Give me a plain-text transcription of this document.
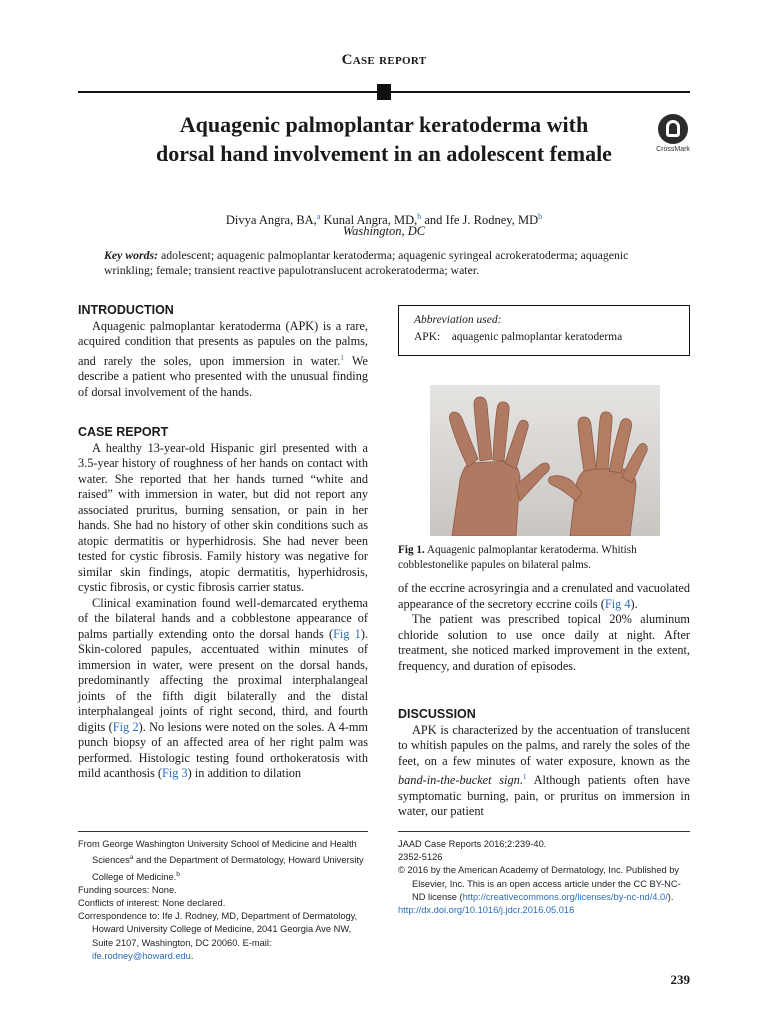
Case report
Aquagenic palmoplantar keratoderma with dorsal hand involvement in an adolescent female	CrossMark
Divya Angra, BA,$^a$ Kunal Angra, MD,$^b$ and Ife J. Rodney, $MD^b$
Washington, DC
Key words: adolescent; aquagenic palmoplantar keratoderma; aquagenic syringeal acrokeratoderma; aquagenic wrinkling; female; transient reactive papulotranslucent acrokeratoderma; water.
INTRODUCTION

Aquagenic palmoplantar keratoderma (APK) is a rare, acquired condition that presents as papules on the palms, and rarely the soles, upon immersion in water.$^1$ We describe a patient who presented with the unusual finding of dorsal involvement of the hands.

CASE REPORT

A healthy 13-year-old Hispanic girl presented with a 3.5-year history of roughness of her hands on contact with water. She reported that her hands turned “white and raised” with immersion in water, but did not report any associated pruritus, burning sensation, or pain in her hands. She had no history of other skin conditions such as atopic dermatitis or hyperhidrosis. She had never been tested for cystic fibrosis. Family history was negative for similar skin findings, atopic dermatitis, hyperhidrosis, cystic fibrosis, or cystic fibrosis carrier status.

Clinical examination found well-demarcated erythema of the bilateral hands and a cobblestone appearance of palms partially extending onto the dorsal hands (Fig 1). Skin-colored papules, accentuated within minutes of immersion in water, were present on the dorsal hands, predominantly affecting the proximal interphalangeal joints of the fifth digit bilaterally and the distal interphalangeal joints of right second, third, and fourth digits (Fig 2). No lesions were noted on the soles. A 4-mm punch biopsy of an affected area of her right palm was performed. Histologic testing found orthokeratosis with mild acanthosis (Fig 3) in addition to dilation

Abbreviation used:
APK: aquagenic palmoplantar keratoderma
Fig 1. Aquagenic palmoplantar keratoderma. Whitish cobblestonelike papules on bilateral palms.

of the eccrine acrosyringia and a crenulated and vacuolated appearance of the secretory eccrine coils (Fig 4).

The patient was prescribed topical 20% aluminum chloride solution to use once daily at night. After treatment, she noticed marked improvement in the extent, frequency, and duration of episodes.

DISCUSSION

APK is characterized by the accentuation of translucent to whitish papules on the palms, and rarely the soles of the feet, on a few minutes of water exposure, known as the band-in-the-bucket sign.$^1$ Although patients often have symptomatic burning, pain, or pruritus on immersion in water, our patient

From George Washington University School of Medicine and Health Sciences$^a$ and the Department of Dermatology, Howard University College of Medicine.$^b$
Funding sources: None.
Conflicts of interest: None declared.
Correspondence to: Ife J. Rodney, MD, Department of Dermatology, Howard University College of Medicine, 2041 Georgia Ave NW, Suite 2107, Washington, DC 20060. E-mail: ife.rodney@howard.edu.
JAAD Case Reports 2016;2:239-40.
2352-5126
© 2016 by the American Academy of Dermatology, Inc. Published by Elsevier, Inc. This is an open access article under the CC BY-NC-ND license (http://creativecommons.org/licenses/by-nc-nd/4.0/).
http://dx.doi.org/10.1016/j.jdcr.2016.05.016
239
